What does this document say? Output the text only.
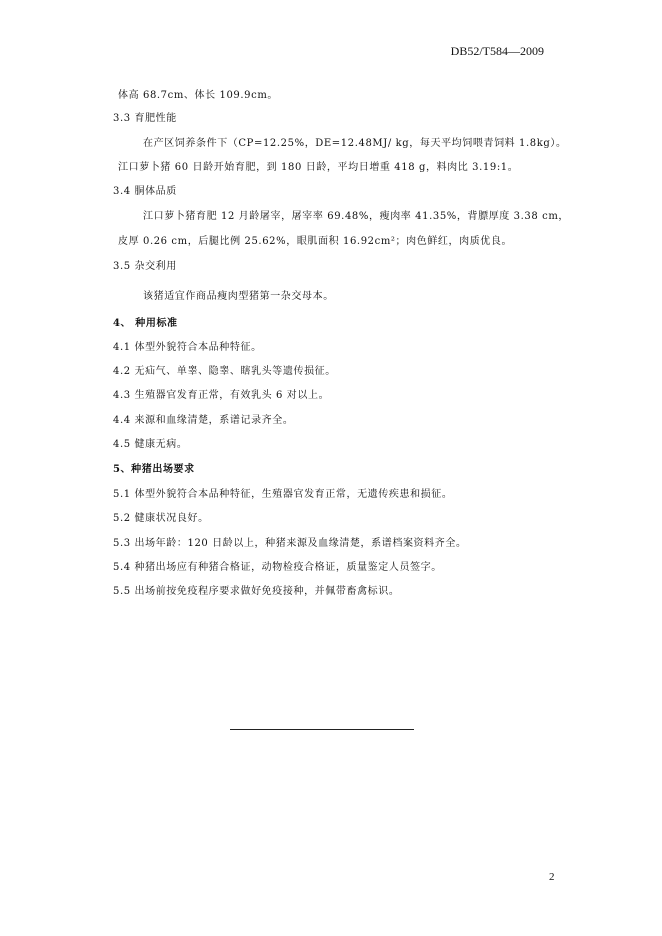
DB52/T584—2009
体高 68.7cm、体长 109.9cm。
3.3 育肥性能
在产区饲养条件下（CP=12.25%，DE=12.48MJ/ kg，每天平均饲喂青饲料 1.8kg）。
江口萝卜猪 60 日龄开始育肥，到 180 日龄，平均日增重 418 g，料肉比 3.19:1。
3.4 胴体品质
江口萝卜猪育肥 12 月龄屠宰，屠宰率 69.48%，瘦肉率 41.35%，背膘厚度 3.38 cm，
皮厚 0.26 cm，后腿比例 25.62%，眼肌面积 16.92cm²；肉色鲜红，肉质优良。
3.5 杂交利用
该猪适宜作商品瘦肉型猪第一杂交母本。
4、 种用标准
4.1 体型外貌符合本品种特征。
4.2 无疝气、单睾、隐睾、瞎乳头等遗传损征。
4.3 生殖器官发育正常，有效乳头 6 对以上。
4.4 来源和血缘清楚，系谱记录齐全。
4.5 健康无病。
5、种猪出场要求
5.1 体型外貌符合本品种特征，生殖器官发育正常，无遗传疾患和损征。
5.2 健康状况良好。
5.3 出场年龄：120 日龄以上，种猪来源及血缘清楚，系谱档案资料齐全。
5.4 种猪出场应有种猪合格证，动物检疫合格证，质量鉴定人员签字。
5.5 出场前按免疫程序要求做好免疫接种，并佩带畜禽标识。
2
